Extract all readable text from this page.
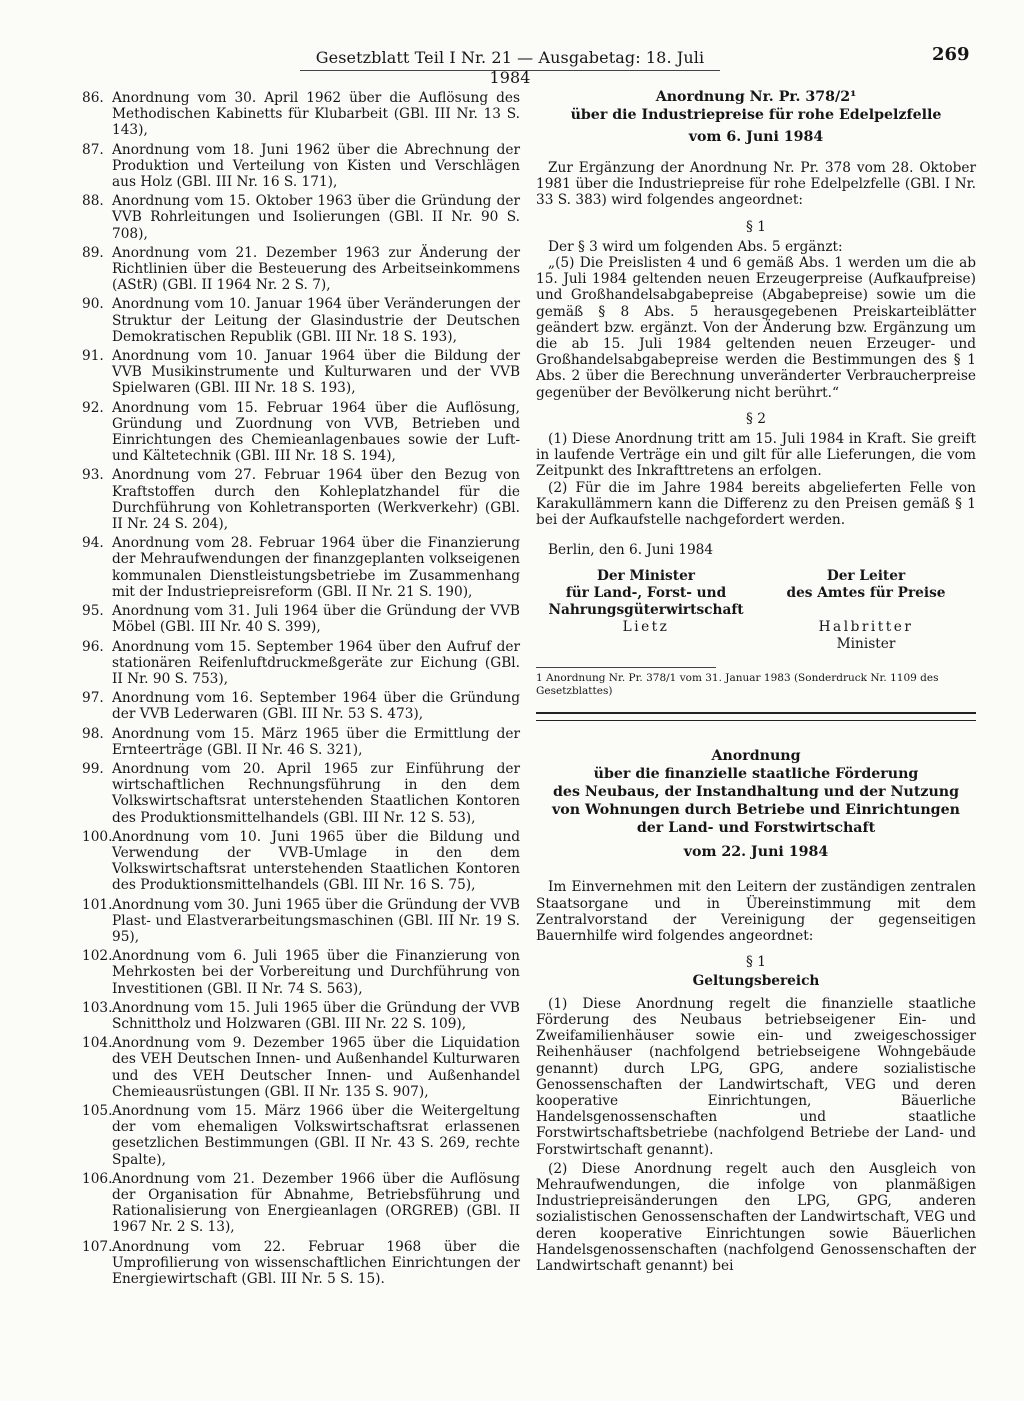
Gesetzblatt Teil I Nr. 21 — Ausgabetag: 18. Juli 1984
269
86. Anordnung vom 30. April 1962 über die Auflösung des Methodischen Kabinetts für Klubarbeit (GBl. III Nr. 13 S. 143),
87. Anordnung vom 18. Juni 1962 über die Abrechnung der Produktion und Verteilung von Kisten und Verschlägen aus Holz (GBl. III Nr. 16 S. 171),
88. Anordnung vom 15. Oktober 1963 über die Gründung der VVB Rohrleitungen und Isolierungen (GBl. II Nr. 90 S. 708),
89. Anordnung vom 21. Dezember 1963 zur Änderung der Richtlinien über die Besteuerung des Arbeitseinkommens (AStR) (GBl. II 1964 Nr. 2 S. 7),
90. Anordnung vom 10. Januar 1964 über Veränderungen der Struktur der Leitung der Glasindustrie der Deutschen Demokratischen Republik (GBl. III Nr. 18 S. 193),
91. Anordnung vom 10. Januar 1964 über die Bildung der VVB Musikinstrumente und Kulturwaren und der VVB Spielwaren (GBl. III Nr. 18 S. 193),
92. Anordnung vom 15. Februar 1964 über die Auflösung, Gründung und Zuordnung von VVB, Betrieben und Einrichtungen des Chemieanlagenbaues sowie der Luft- und Kältetechnik (GBl. III Nr. 18 S. 194),
93. Anordnung vom 27. Februar 1964 über den Bezug von Kraftstoffen durch den Kohleplatzhandel für die Durchführung von Kohletransporten (Werkverkehr) (GBl. II Nr. 24 S. 204),
94. Anordnung vom 28. Februar 1964 über die Finanzierung der Mehraufwendungen der finanzgeplanten volkseigenen kommunalen Dienstleistungsbetriebe im Zusammenhang mit der Industriepreisreform (GBl. II Nr. 21 S. 190),
95. Anordnung vom 31. Juli 1964 über die Gründung der VVB Möbel (GBl. III Nr. 40 S. 399),
96. Anordnung vom 15. September 1964 über den Aufruf der stationären Reifenluftdruckmeßgeräte zur Eichung (GBl. II Nr. 90 S. 753),
97. Anordnung vom 16. September 1964 über die Gründung der VVB Lederwaren (GBl. III Nr. 53 S. 473),
98. Anordnung vom 15. März 1965 über die Ermittlung der Ernteerträge (GBl. II Nr. 46 S. 321),
99. Anordnung vom 20. April 1965 zur Einführung der wirtschaftlichen Rechnungsführung in den dem Volkswirtschaftsrat unterstehenden Staatlichen Kontoren des Produktionsmittelhandels (GBl. III Nr. 12 S. 53),
100. Anordnung vom 10. Juni 1965 über die Bildung und Verwendung der VVB-Umlage in den dem Volkswirtschaftsrat unterstehenden Staatlichen Kontoren des Produktionsmittelhandels (GBl. III Nr. 16 S. 75),
101. Anordnung vom 30. Juni 1965 über die Gründung der VVB Plast- und Elastverarbeitungsmaschinen (GBl. III Nr. 19 S. 95),
102. Anordnung vom 6. Juli 1965 über die Finanzierung von Mehrkosten bei der Vorbereitung und Durchführung von Investitionen (GBl. II Nr. 74 S. 563),
103. Anordnung vom 15. Juli 1965 über die Gründung der VVB Schnittholz und Holzwaren (GBl. III Nr. 22 S. 109),
104. Anordnung vom 9. Dezember 1965 über die Liquidation des VEH Deutschen Innen- und Außenhandel Kulturwaren und des VEH Deutscher Innen- und Außenhandel Chemieausrüstungen (GBl. II Nr. 135 S. 907),
105. Anordnung vom 15. März 1966 über die Weitergeltung der vom ehemaligen Volkswirtschaftsrat erlassenen gesetzlichen Bestimmungen (GBl. II Nr. 43 S. 269, rechte Spalte),
106. Anordnung vom 21. Dezember 1966 über die Auflösung der Organisation für Abnahme, Betriebsführung und Rationalisierung von Energieanlagen (ORGREB) (GBl. II 1967 Nr. 2 S. 13),
107. Anordnung vom 22. Februar 1968 über die Umprofilierung von wissenschaftlichen Einrichtungen der Energiewirtschaft (GBl. III Nr. 5 S. 15).
Anordnung Nr. Pr. 378/2¹
über die Industriepreise für rohe Edelpelzfelle
vom 6. Juni 1984

Zur Ergänzung der Anordnung Nr. Pr. 378 vom 28. Oktober 1981 über die Industriepreise für rohe Edelpelzfelle (GBl. I Nr. 33 S. 383) wird folgendes angeordnet:

§ 1

Der § 3 wird um folgenden Abs. 5 ergänzt:

„(5) Die Preislisten 4 und 6 gemäß Abs. 1 werden um die ab 15. Juli 1984 geltenden neuen Erzeugerpreise (Aufkaufpreise) und Großhandelsabgabepreise (Abgabepreise) sowie um die gemäß § 8 Abs. 5 herausgegebenen Preiskarteiblätter geändert bzw. ergänzt. Von der Änderung bzw. Ergänzung um die ab 15. Juli 1984 geltenden neuen Erzeuger- und Großhandelsabgabepreise werden die Bestimmungen des § 1 Abs. 2 über die Berechnung unveränderter Verbraucherpreise gegenüber der Bevölkerung nicht berührt.“

§ 2

(1) Diese Anordnung tritt am 15. Juli 1984 in Kraft. Sie greift in laufende Verträge ein und gilt für alle Lieferungen, die vom Zeitpunkt des Inkrafttretens an erfolgen.

(2) Für die im Jahre 1984 bereits abgelieferten Felle von Karakullämmern kann die Differenz zu den Preisen gemäß § 1 bei der Aufkaufstelle nachgefordert werden.

Berlin, den 6. Juni 1984

Der Minister
für Land-, Forst- und
Nahrungsgüterwirtschaft
Lietz
Der Leiter
des Amtes für Preise
Halbritter
Minister
1 Anordnung Nr. Pr. 378/1 vom 31. Januar 1983 (Sonderdruck Nr. 1109 des Gesetzblattes)
Anordnung
über die finanzielle staatliche Förderung
des Neubaus, der Instandhaltung und der Nutzung
von Wohnungen durch Betriebe und Einrichtungen
der Land- und Forstwirtschaft
vom 22. Juni 1984

Im Einvernehmen mit den Leitern der zuständigen zentralen Staatsorgane und in Übereinstimmung mit dem Zentralvorstand der Vereinigung der gegenseitigen Bauernhilfe wird folgendes angeordnet:

§ 1

Geltungsbereich

(1) Diese Anordnung regelt die finanzielle staatliche Förderung des Neubaus betriebseigener Ein- und Zweifamilienhäuser sowie ein- und zweigeschossiger Reihenhäuser (nachfolgend betriebseigene Wohngebäude genannt) durch LPG, GPG, andere sozialistische Genossenschaften der Landwirtschaft, VEG und deren kooperative Einrichtungen, Bäuerliche Handelsgenossenschaften und staatliche Forstwirtschaftsbetriebe (nachfolgend Betriebe der Land- und Forstwirtschaft genannt).

(2) Diese Anordnung regelt auch den Ausgleich von Mehraufwendungen, die infolge von planmäßigen Industriepreisänderungen den LPG, GPG, anderen sozialistischen Genossenschaften der Landwirtschaft, VEG und deren kooperative Einrichtungen sowie Bäuerlichen Handelsgenossenschaften (nachfolgend Genossenschaften der Landwirtschaft genannt) bei
